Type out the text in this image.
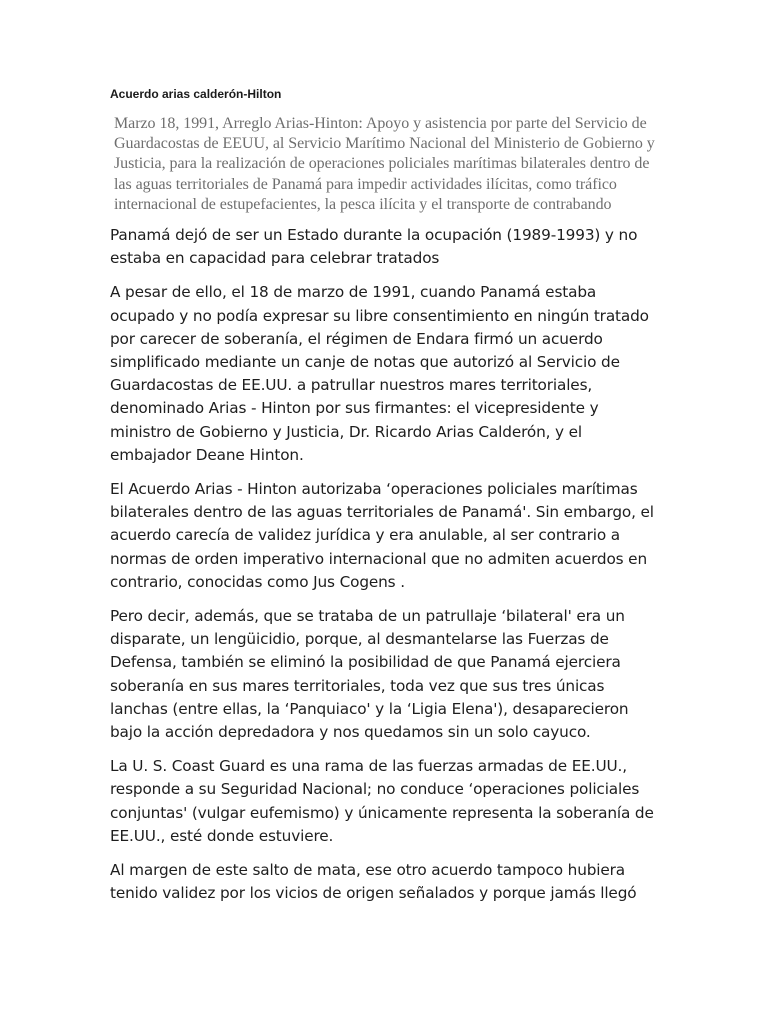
Acuerdo arias calderón-Hilton

Marzo 18, 1991, Arreglo Arias-Hinton: Apoyo y asistencia por parte del Servicio de Guardacostas de EEUU, al Servicio Marítimo Nacional del Ministerio de Gobierno y Justicia, para la realización de operaciones policiales marítimas bilaterales dentro de las aguas territoriales de Panamá para impedir actividades ilícitas, como tráfico internacional de estupefacientes, la pesca ilícita y el transporte de contrabando

Panamá dejó de ser un Estado durante la ocupación (1989-1993) y no estaba en capacidad para celebrar tratados

A pesar de ello, el 18 de marzo de 1991, cuando Panamá estaba ocupado y no podía expresar su libre consentimiento en ningún tratado por carecer de soberanía, el régimen de Endara firmó un acuerdo simplificado mediante un canje de notas que autorizó al Servicio de Guardacostas de EE.UU. a patrullar nuestros mares territoriales, denominado Arias - Hinton por sus firmantes: el vicepresidente y ministro de Gobierno y Justicia, Dr. Ricardo Arias Calderón, y el embajador Deane Hinton.

El Acuerdo Arias - Hinton autorizaba ‘operaciones policiales marítimas bilaterales dentro de las aguas territoriales de Panamá'. Sin embargo, el acuerdo carecía de validez jurídica y era anulable, al ser contrario a normas de orden imperativo internacional que no admiten acuerdos en contrario, conocidas como Jus Cogens .

Pero decir, además, que se trataba de un patrullaje ‘bilateral' era un disparate, un lengüicidio, porque, al desmantelarse las Fuerzas de Defensa, también se eliminó la posibilidad de que Panamá ejerciera soberanía en sus mares territoriales, toda vez que sus tres únicas lanchas (entre ellas, la ‘Panquiaco' y la ‘Ligia Elena'), desaparecieron bajo la acción depredadora y nos quedamos sin un solo cayuco.

La U. S. Coast Guard es una rama de las fuerzas armadas de EE.UU., responde a su Seguridad Nacional; no conduce ‘operaciones policiales conjuntas' (vulgar eufemismo) y únicamente representa la soberanía de EE.UU., esté donde estuviere.

Al margen de este salto de mata, ese otro acuerdo tampoco hubiera tenido validez por los vicios de origen señalados y porque jamás llegó
